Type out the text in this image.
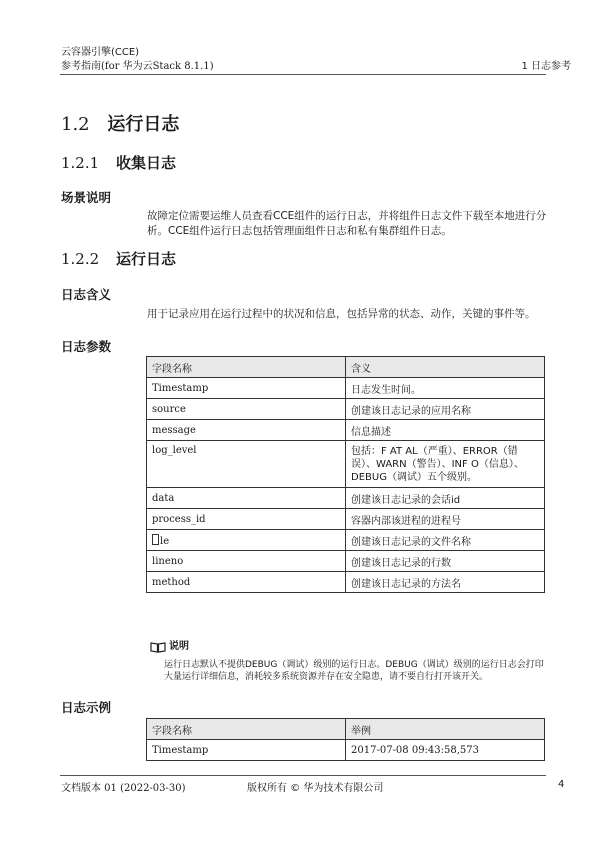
云容器引擎(CCE)
参考指南(for 华为云Stack 8.1.1)	1 日志参考
1.2 运行日志
1.2.1 收集日志
场景说明
故障定位需要运维人员查看CCE组件的运行日志，并将组件日志文件下载至本地进行分析。CCE组件运行日志包括管理面组件日志和私有集群组件日志。
1.2.2 运行日志
日志含义
用于记录应用在运行过程中的状况和信息，包括异常的状态、动作，关键的事件等。
日志参数
字段名称	含义
Timestamp	日志发生时间。
source	创建该日志记录的应用名称
message	信息描述
log_level	包括：F AT AL（严重）、ERROR（错误）、WARN（警告）、INF O（信息）、DEBUG（调试）五个级别。
data	创建该日志记录的会话id
process_id	容器内部该进程的进程号
le	创建该日志记录的文件名称
lineno	创建该日志记录的行数
method	创建该日志记录的方法名
说明
运行日志默认不提供DEBUG（调试）级别的运行日志。DEBUG（调试）级别的运行日志会打印大量运行详细信息，消耗较多系统资源并存在安全隐患，请不要自行打开该开关。
日志示例
字段名称	举例
Timestamp	2017-07-08 09:43:58,573
文档版本 01 (2022-03-30)	版权所有 © 华为技术有限公司	4
